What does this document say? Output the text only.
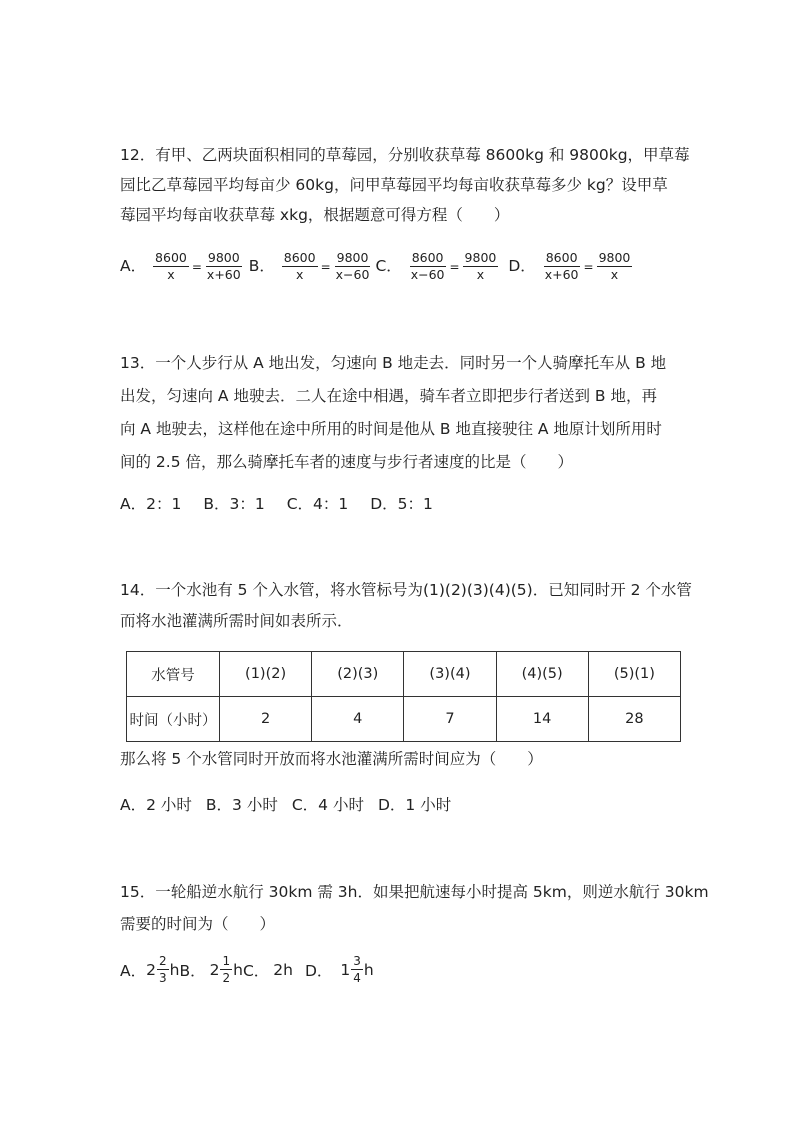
12．有甲、乙两块面积相同的草莓园，分别收获草莓 8600kg 和 9800kg，甲草莓
园比乙草莓园平均每亩少 60kg，问甲草莓园平均每亩收获草莓多少 kg？设甲草
莓园平均每亩收获草莓 xkg，根据题意可得方程（　　）
A． $\frac{8600}{x} = \frac{9800}{x+60}$ B． $\frac{8600}{x} = \frac{9800}{x-60}$ C． $\frac{8600}{x-60} = \frac{9800}{x}$ D． $\frac{8600}{x+60} = \frac{9800}{x}$
13．一个人步行从 A 地出发，匀速向 B 地走去．同时另一个人骑摩托车从 B 地
出发，匀速向 A 地驶去．二人在途中相遇，骑车者立即把步行者送到 B 地，再
向 A 地驶去，这样他在途中所用的时间是他从 B 地直接驶往 A 地原计划所用时
间的 2.5 倍，那么骑摩托车者的速度与步行者速度的比是（　　）
A．2：1 B．3：1 C．4：1 D．5：1
14．一个水池有 5 个入水管，将水管标号为(1)(2)(3)(4)(5)．已知同时开 2 个水管
而将水池灌满所需时间如表所示．
水管号	(1)(2)	(2)(3)	(3)(4)	(4)(5)	(5)(1)
时间（小时）	2	4	7	14	28
那么将 5 个水管同时开放而将水池灌满所需时间应为（　　）
A．2 小时 B．3 小时 C．4 小时 D．1 小时
15．一轮船逆水航行 30km 需 3h．如果把航速每小时提高 5km，则逆水航行 30km
需要的时间为（　　）
A． $2 \frac{2}{3}$ h B． $2 \frac{1}{2}$ h C． 2h D． $1 \frac{3}{4}$ h
